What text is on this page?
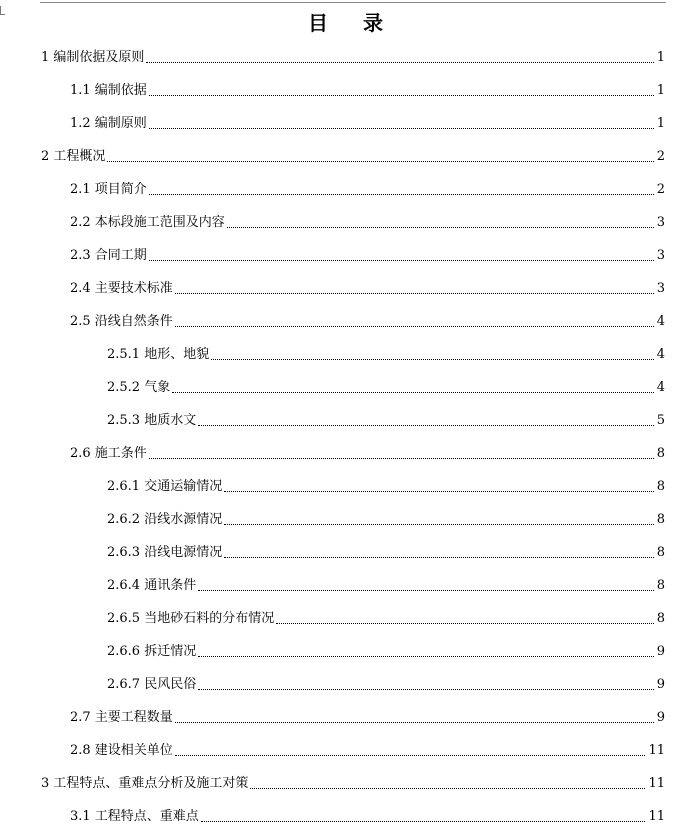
目 录
1 编制依据及原则	1
1.1 编制依据	1
1.2 编制原则	1
2 工程概况	2
2.1 项目简介	2
2.2 本标段施工范围及内容	3
2.3 合同工期	3
2.4 主要技术标准	3
2.5 沿线自然条件	4
2.5.1 地形、地貌	4
2.5.2 气象	4
2.5.3 地质水文	5
2.6 施工条件	8
2.6.1 交通运输情况	8
2.6.2 沿线水源情况	8
2.6.3 沿线电源情况	8
2.6.4 通讯条件	8
2.6.5 当地砂石料的分布情况	8
2.6.6 拆迁情况	9
2.6.7 民风民俗	9
2.7 主要工程数量	9
2.8 建设相关单位	11
3 工程特点、重难点分析及施工对策	11
3.1 工程特点、重难点	11
